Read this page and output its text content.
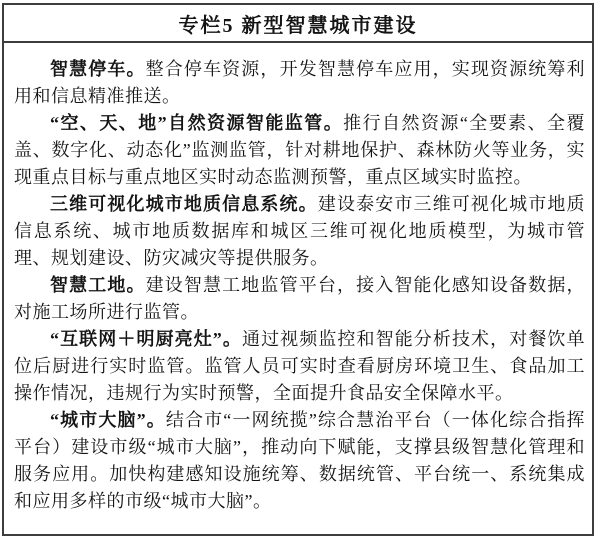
专栏5 新型智慧城市建设

智慧停车。整合停车资源，开发智慧停车应用，实现资源统筹利用和信息精准推送。

“空、天、地”自然资源智能监管。推行自然资源“全要素、全覆盖、数字化、动态化”监测监管，针对耕地保护、森林防火等业务，实现重点目标与重点地区实时动态监测预警，重点区域实时监控。

三维可视化城市地质信息系统。建设泰安市三维可视化城市地质信息系统、城市地质数据库和城区三维可视化地质模型，为城市管理、规划建设、防灾减灾等提供服务。

智慧工地。建设智慧工地监管平台，接入智能化感知设备数据，对施工场所进行监管。

“互联网＋明厨亮灶”。通过视频监控和智能分析技术，对餐饮单位后厨进行实时监管。监管人员可实时查看厨房环境卫生、食品加工操作情况，违规行为实时预警，全面提升食品安全保障水平。

“城市大脑”。结合市“一网统揽”综合慧治平台（一体化综合指挥平台）建设市级“城市大脑”，推动向下赋能，支撑县级智慧化管理和服务应用。加快构建感知设施统筹、数据统管、平台统一、系统集成和应用多样的市级“城市大脑”。
